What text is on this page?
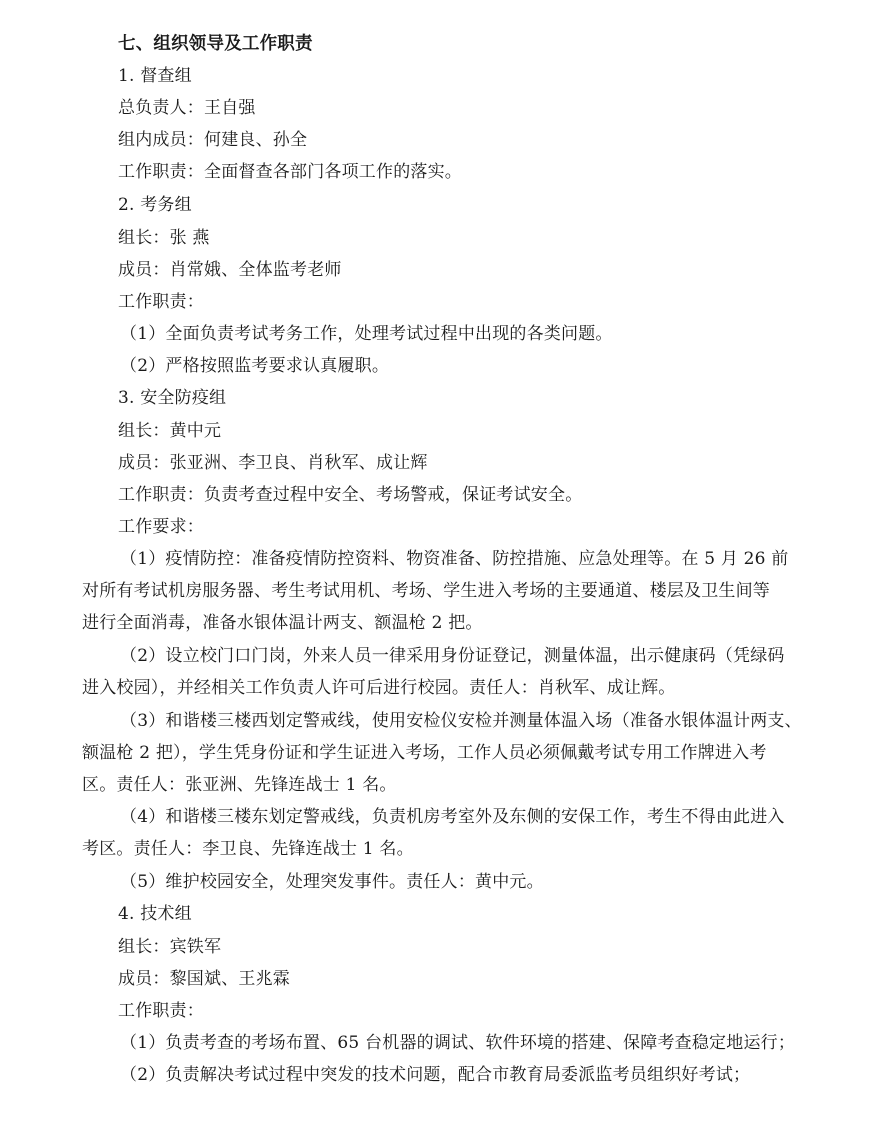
七、组织领导及工作职责
1. 督查组
总负责人：王自强
组内成员：何建良、孙全
工作职责：全面督查各部门各项工作的落实。
2. 考务组
组长：张 燕
成员：肖常娥、全体监考老师
工作职责：
（1）全面负责考试考务工作，处理考试过程中出现的各类问题。
（2）严格按照监考要求认真履职。
3. 安全防疫组
组长：黄中元
成员：张亚洲、李卫良、肖秋军、成让辉
工作职责：负责考查过程中安全、考场警戒，保证考试安全。
工作要求：
（1）疫情防控：准备疫情防控资料、物资准备、防控措施、应急处理等。在 5 月 26 前
对所有考试机房服务器、考生考试用机、考场、学生进入考场的主要通道、楼层及卫生间等
进行全面消毒，准备水银体温计两支、额温枪 2 把。
（2）设立校门口门岗，外来人员一律采用身份证登记，测量体温，出示健康码（凭绿码
进入校园），并经相关工作负责人许可后进行校园。责任人：肖秋军、成让辉。
（3）和谐楼三楼西划定警戒线，使用安检仪安检并测量体温入场（准备水银体温计两支、
额温枪 2 把），学生凭身份证和学生证进入考场，工作人员必须佩戴考试专用工作牌进入考
区。责任人：张亚洲、先锋连战士 1 名。
（4）和谐楼三楼东划定警戒线，负责机房考室外及东侧的安保工作，考生不得由此进入
考区。责任人：李卫良、先锋连战士 1 名。
（5）维护校园安全，处理突发事件。责任人：黄中元。
4. 技术组
组长：宾铁军
成员：黎国斌、王兆霖
工作职责：
（1）负责考查的考场布置、65 台机器的调试、软件环境的搭建、保障考查稳定地运行；
（2）负责解决考试过程中突发的技术问题，配合市教育局委派监考员组织好考试；
